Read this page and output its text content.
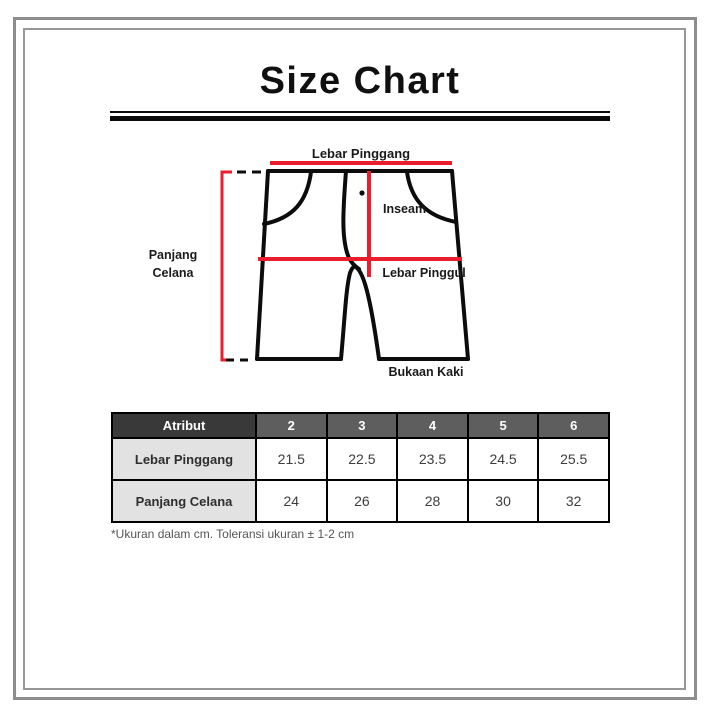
Size Chart
Lebar Pinggang
Panjang
Celana
Inseam
Lebar Pinggul
Bukaan Kaki
Atribut	2	3	4	5	6
Lebar Pinggang	21.5	22.5	23.5	24.5	25.5
Panjang Celana	24	26	28	30	32
*Ukuran dalam cm. Toleransi ukuran ± 1-2 cm
